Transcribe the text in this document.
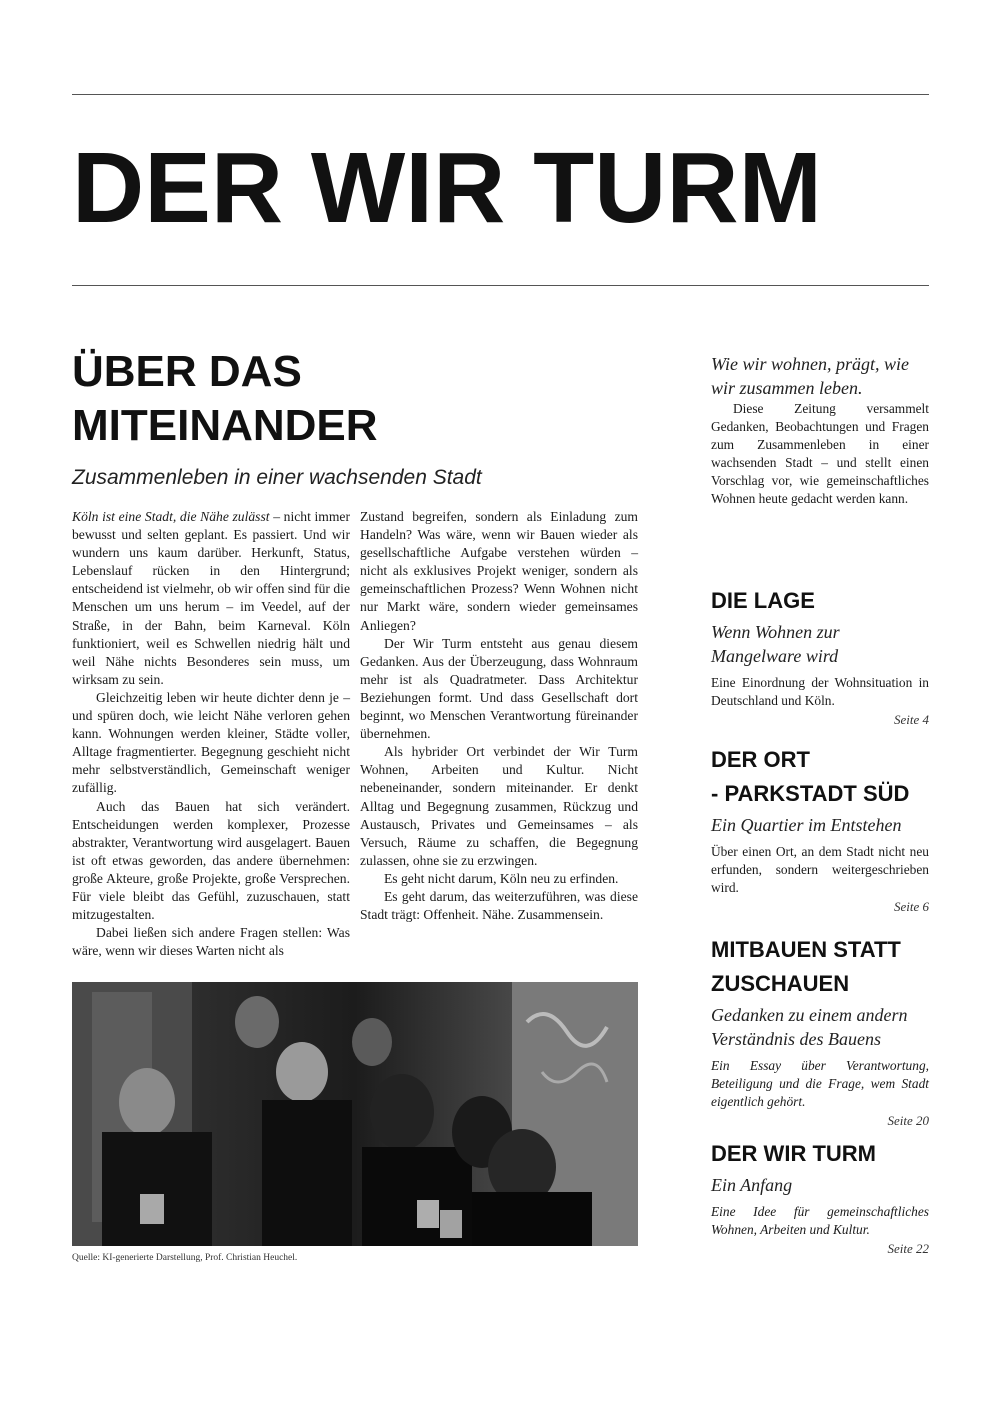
DER WIR TURM
ÜBER DAS
MITEINANDER
Zusammenleben in einer wachsenden Stadt

Köln ist eine Stadt, die Nähe zulässt – nicht immer bewusst und selten geplant. Es passiert. Und wir wundern uns kaum darüber. Herkunft, Status, Lebenslauf rücken in den Hintergrund; entscheidend ist vielmehr, ob wir offen sind für die Menschen um uns herum – im Veedel, auf der Straße, in der Bahn, beim Karneval. Köln funktioniert, weil es Schwellen niedrig hält und weil Nähe nichts Besonderes sein muss, um wirksam zu sein.

Gleichzeitig leben wir heute dichter denn je – und spüren doch, wie leicht Nähe verloren gehen kann. Wohnungen werden kleiner, Städte voller, Alltage fragmentierter. Begegnung geschieht nicht mehr selbstverständlich, Gemeinschaft weniger zufällig.

Auch das Bauen hat sich verändert. Entscheidungen werden komplexer, Prozesse abstrakter, Verantwortung wird ausgelagert. Bauen ist oft etwas geworden, das andere übernehmen: große Akteure, große Projekte, große Versprechen. Für viele bleibt das Gefühl, zuzuschauen, statt mitzugestalten.

Dabei ließen sich andere Fragen stellen: Was wäre, wenn wir dieses Warten nicht als

Zustand begreifen, sondern als Einladung zum Handeln? Was wäre, wenn wir Bauen wieder als gesellschaftliche Aufgabe verstehen würden – nicht als exklusives Projekt weniger, sondern als gemeinschaftlichen Prozess? Wenn Wohnen nicht nur Markt wäre, sondern wieder gemeinsames Anliegen?

Der Wir Turm entsteht aus genau diesem Gedanken. Aus der Überzeugung, dass Wohnraum mehr ist als Quadratmeter. Dass Architektur Beziehungen formt. Und dass Gesellschaft dort beginnt, wo Menschen Verantwortung füreinander übernehmen.

Als hybrider Ort verbindet der Wir Turm Wohnen, Arbeiten und Kultur. Nicht nebeneinander, sondern miteinander. Er denkt Alltag und Begegnung zusammen, Rückzug und Austausch, Privates und Gemeinsames – als Versuch, Räume zu schaffen, die Begegnung zulassen, ohne sie zu erzwingen.

Es geht nicht darum, Köln neu zu erfinden.

Es geht darum, das weiterzuführen, was diese Stadt trägt: Offenheit. Nähe. Zusammensein.

Quelle: KI-generierte Darstellung, Prof. Christian Heuchel.
Wie wir wohnen, prägt, wie wir zusammen leben.
Diese Zeitung versammelt Gedanken, Beobachtungen und Fragen zum Zusammenleben in einer wachsenden Stadt – und stellt einen Vorschlag vor, wie gemeinschaftliches Wohnen heute gedacht werden kann.
DIE LAGE
Wenn Wohnen zur Mangelware wird
Eine Einordnung der Wohnsituation in Deutschland und Köln.
Seite 4
DER ORT
- PARKSTADT SÜD
Ein Quartier im Entstehen
Über einen Ort, an dem Stadt nicht neu erfunden, sondern weitergeschrieben wird.
Seite 6
MITBAUEN STATT
ZUSCHAUEN
Gedanken zu einem andern Verständnis des Bauens
Ein Essay über Verantwortung, Beteiligung und die Frage, wem Stadt eigentlich gehört.
Seite 20
DER WIR TURM
Ein Anfang
Eine Idee für gemeinschaftliches Wohnen, Arbeiten und Kultur.
Seite 22
